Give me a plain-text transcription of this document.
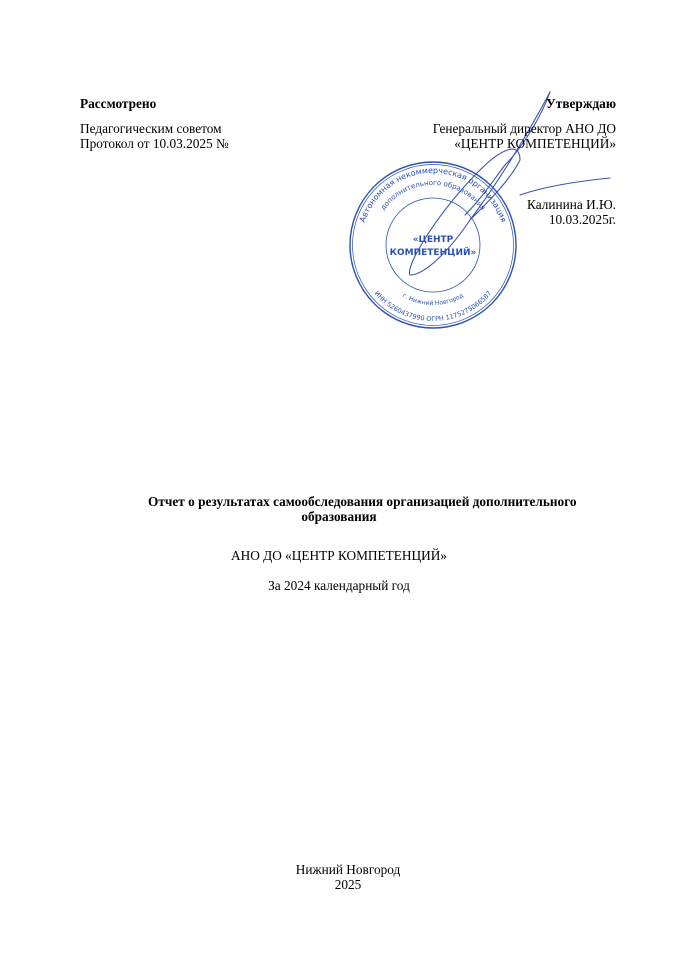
Рассмотрено
Педагогическим советом
Протокол от 10.03.2025 №
Автономная некоммерческая организация
дополнительного образования
ИНН 5260437990 ОГРН 1175275066587
г. Нижний Новгород
«ЦЕНТР
КОМПЕТЕНЦИЙ»
Утверждаю
Генеральный директор АНО ДО
«ЦЕНТР КОМПЕТЕНЦИЙ»
Калинина И.Ю.
10.03.2025г.
Отчет о результатах самообследования организацией дополнительного
образования
АНО ДО «ЦЕНТР КОМПЕТЕНЦИЙ»
За 2024 календарный год
Нижний Новгород
2025
